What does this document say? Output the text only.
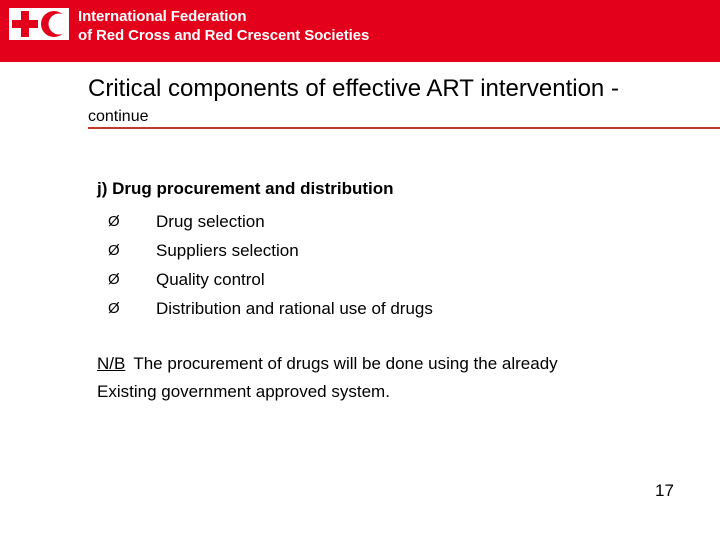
International Federation
of Red Cross and Red Crescent Societies
Critical components of effective ART intervention -
continue
j) Drug procurement and distribution
Ø	Drug selection
Ø	Suppliers selection
Ø	Quality control
Ø	Distribution and rational use of drugs
N/B The procurement of drugs will be done using the already
Existing government approved system.
17
